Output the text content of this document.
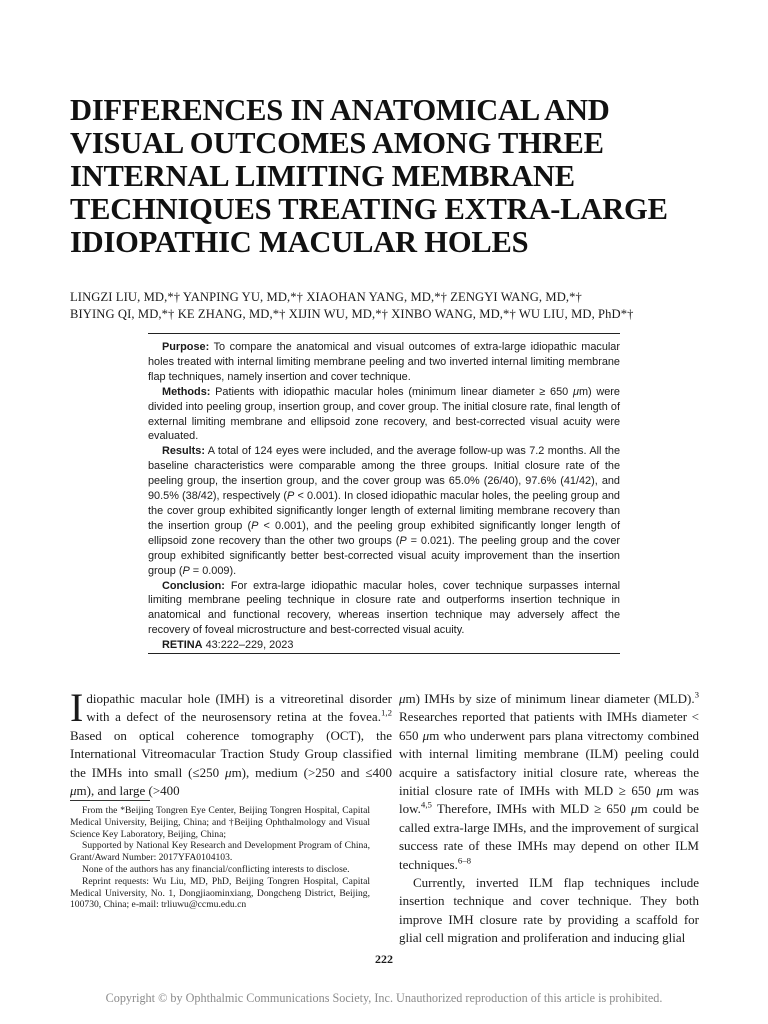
DIFFERENCES IN ANATOMICAL AND
VISUAL OUTCOMES AMONG THREE
INTERNAL LIMITING MEMBRANE
TECHNIQUES TREATING EXTRA-LARGE
IDIOPATHIC MACULAR HOLES
LINGZI LIU, MD,*† YANPING YU, MD,*† XIAOHAN YANG, MD,*† ZENGYI WANG, MD,*†
BIYING QI, MD,*† KE ZHANG, MD,*† XIJIN WU, MD,*† XINBO WANG, MD,*† WU LIU, MD, PhD*†

Purpose: To compare the anatomical and visual outcomes of extra-large idiopathic macular holes treated with internal limiting membrane peeling and two inverted internal limiting membrane flap techniques, namely insertion and cover technique.

Methods: Patients with idiopathic macular holes (minimum linear diameter ≥ 650 μm) were divided into peeling group, insertion group, and cover group. The initial closure rate, final length of external limiting membrane and ellipsoid zone recovery, and best-corrected visual acuity were evaluated.

Results: A total of 124 eyes were included, and the average follow-up was 7.2 months. All the baseline characteristics were comparable among the three groups. Initial closure rate of the peeling group, the insertion group, and the cover group was 65.0% (26/40), 97.6% (41/42), and 90.5% (38/42), respectively (P < 0.001). In closed idiopathic macular holes, the peeling group and the cover group exhibited significantly longer length of external limiting membrane recovery than the insertion group (P < 0.001), and the peeling group exhibited significantly longer length of ellipsoid zone recovery than the other two groups (P = 0.021). The peeling group and the cover group exhibited significantly better best-corrected visual acuity improvement than the insertion group (P = 0.009).

Conclusion: For extra-large idiopathic macular holes, cover technique surpasses internal limiting membrane peeling technique in closure rate and outperforms insertion technique in anatomical and functional recovery, whereas insertion technique may adversely affect the recovery of foveal microstructure and best-corrected visual acuity.

RETINA 43:222–229, 2023

Idiopathic macular hole (IMH) is a vitreoretinal disorder with a defect of the neurosensory retina at the fovea.$^{1,2}$ Based on optical coherence tomography (OCT), the International Vitreomacular Traction Study Group classified the IMHs into small (≤250 μm), medium (>250 and ≤400 μm), and large (>400

From the *Beijing Tongren Eye Center, Beijing Tongren Hospital, Capital Medical University, Beijing, China; and †Beijing Ophthalmology and Visual Science Key Laboratory, Beijing, China;

Supported by National Key Research and Development Program of China, Grant/Award Number: 2017YFA0104103.

None of the authors has any financial/conflicting interests to disclose.

Reprint requests: Wu Liu, MD, PhD, Beijing Tongren Hospital, Capital Medical University, No. 1, Dongjiaominxiang, Dongcheng District, Beijing, 100730, China; e-mail: trliuwu@ccmu.edu.cn

μm) IMHs by size of minimum linear diameter (MLD).$^3$ Researches reported that patients with IMHs diameter < 650 μm who underwent pars plana vitrectomy combined with internal limiting membrane (ILM) peeling could acquire a satisfactory initial closure rate, whereas the initial closure rate of IMHs with MLD ≥ 650 μm was low.$^{4,5}$ Therefore, IMHs with MLD ≥ 650 μm could be called extra-large IMHs, and the improvement of surgical success rate of these IMHs may depend on other ILM techniques.$^{6-8}$

Currently, inverted ILM flap techniques include insertion technique and cover technique. They both improve IMH closure rate by providing a scaffold for glial cell migration and proliferation and inducing glial

222
Copyright © by Ophthalmic Communications Society, Inc. Unauthorized reproduction of this article is prohibited.
